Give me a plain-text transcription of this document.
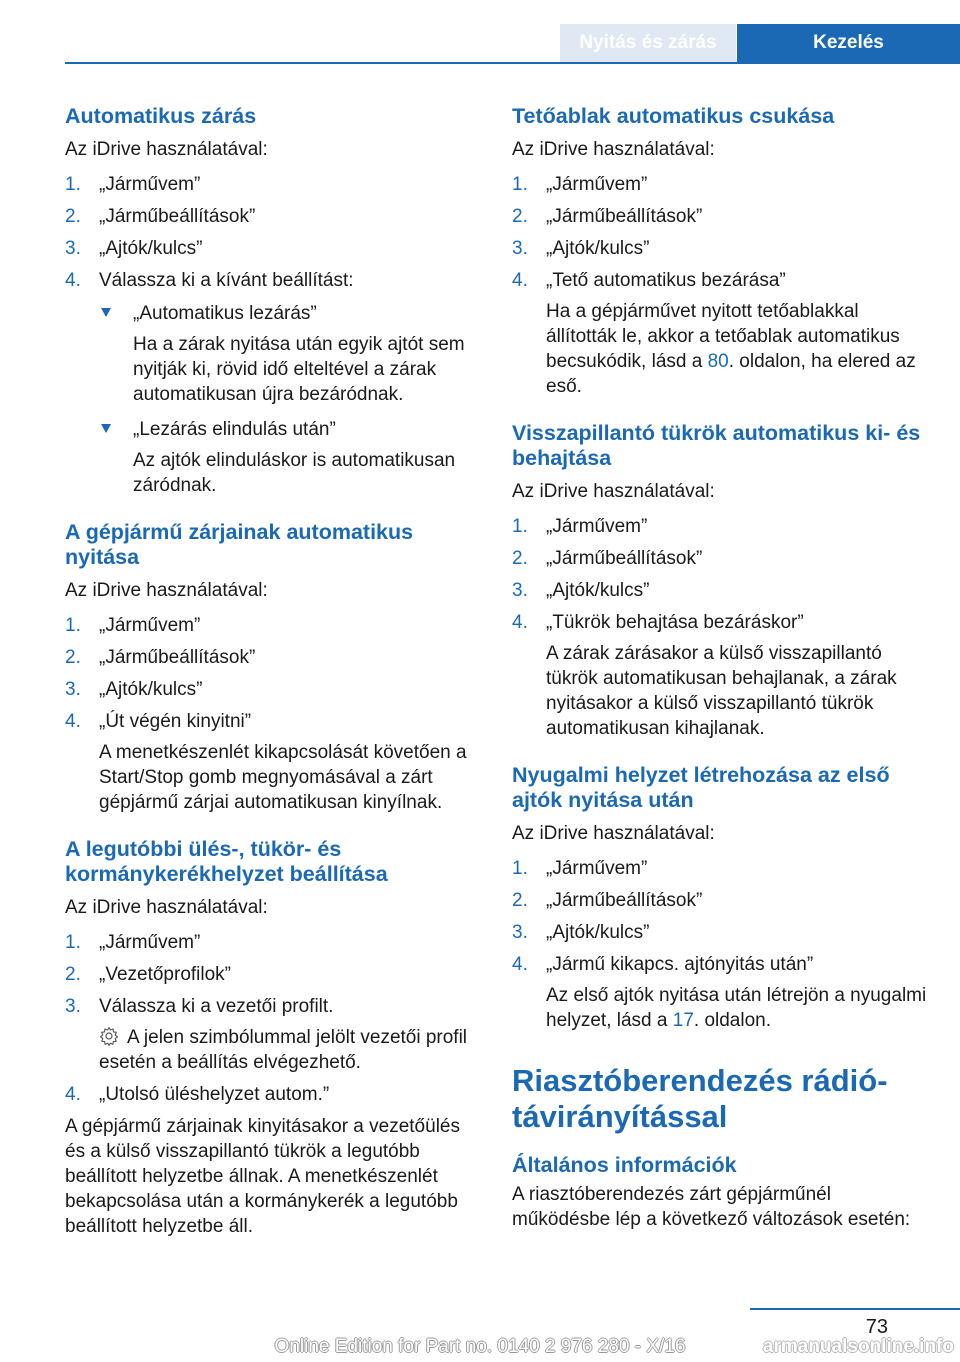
Nyitás és zárás	Kezelés
Automatikus zárás

Az iDrive használatával:

1. „Járművem”
2. „Járműbeállítások”
3. „Ajtók/kulcs”
4. Válassza ki a kívánt beállítást:
„Automatikus lezárás”
Ha a zárak nyitása után egyik ajtót sem nyitják ki, rövid idő elteltével a zárak automatikusan újra bezáródnak.
„Lezárás elindulás után”
Az ajtók elinduláskor is automatikusan záródnak.
A gépjármű zárjainak automatikus nyitása

Az iDrive használatával:

1. „Járművem”
2. „Járműbeállítások”
3. „Ajtók/kulcs”
4. „Út végén kinyitni”
A menetkészenlét kikapcsolását követően a Start/Stop gomb megnyomásával a zárt gépjármű zárjai automatikusan kinyílnak.
A legutóbbi ülés-, tükör- és kormánykerékhelyzet beállítása

Az iDrive használatával:

1. „Járművem”
2. „Vezetőprofilok”
3. Válassza ki a vezetői profilt.
A jelen szimbólummal jelölt vezetői profil esetén a beállítás elvégezhető.
4. „Utolsó üléshelyzet autom.”

A gépjármű zárjainak kinyitásakor a vezetőülés és a külső visszapillantó tükrök a legutóbb beállított helyzetbe állnak. A menetkészenlét bekapcsolása után a kormánykerék a legutóbb beállított helyzetbe áll.

Tetőablak automatikus csukása

Az iDrive használatával:

1. „Járművem”
2. „Járműbeállítások”
3. „Ajtók/kulcs”
4. „Tető automatikus bezárása”
Ha a gépjárművet nyitott tetőablakkal állították le, akkor a tetőablak automatikus becsukódik, lásd a 80. oldalon, ha elered az eső.
Visszapillantó tükrök automatikus ki- és behajtása

Az iDrive használatával:

1. „Járművem”
2. „Járműbeállítások”
3. „Ajtók/kulcs”
4. „Tükrök behajtása bezáráskor”
A zárak zárásakor a külső visszapillantó tükrök automatikusan behajlanak, a zárak nyitásakor a külső visszapillantó tükrök automatikusan kihajlanak.
Nyugalmi helyzet létrehozása az első ajtók nyitása után

Az iDrive használatával:

1. „Járművem”
2. „Járműbeállítások”
3. „Ajtók/kulcs”
4. „Jármű kikapcs. ajtónyitás után”
Az első ajtók nyitása után létrejön a nyugalmi helyzet, lásd a 17. oldalon.
Riasztóberendezés rádió-távirányítással
Általános információk

A riasztóberendezés zárt gépjárműnél működésbe lép a következő változások esetén:

73
Online Edition for Part no. 0140 2 976 280 - X/16	armanualsonline.info
